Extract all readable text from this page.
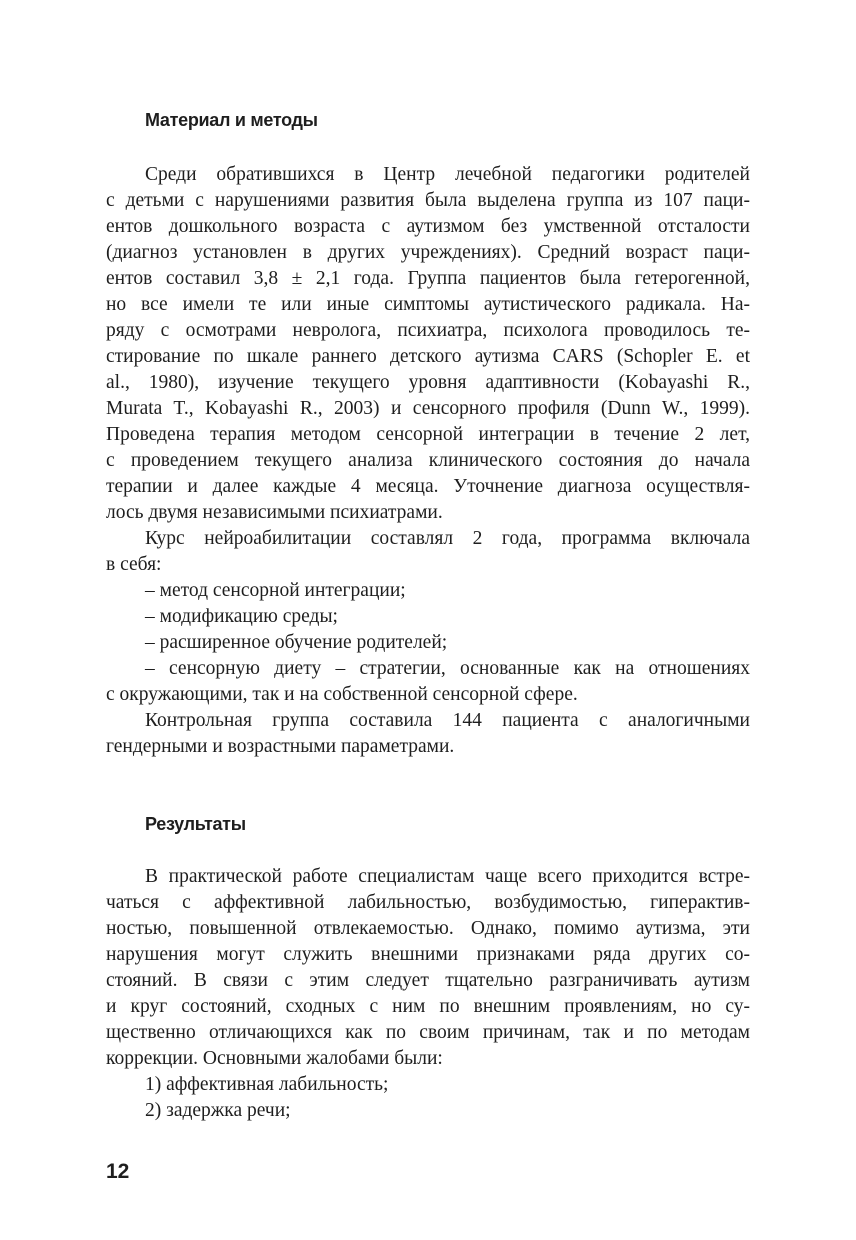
Материал и методы
Среди обратившихся в Центр лечебной педагогики родителей
с детьми с нарушениями развития была выделена группа из 107 паци-
ентов дошкольного возраста с аутизмом без умственной отсталости
(диагноз установлен в других учреждениях). Средний возраст паци-
ентов составил 3,8 ± 2,1 года. Группа пациентов была гетерогенной,
но все имели те или иные симптомы аутистического радикала. На-
ряду с осмотрами невролога, психиатра, психолога проводилось те-
стирование по шкале раннего детского аутизма CARS (Schopler E. et
al., 1980), изучение текущего уровня адаптивности (Kobayashi R.,
Murata T., Kobayashi R., 2003) и сенсорного профиля (Dunn W., 1999).
Проведена терапия методом сенсорной интеграции в течение 2 лет,
с проведением текущего анализа клинического состояния до начала
терапии и далее каждые 4 месяца. Уточнение диагноза осуществля-
лось двумя независимыми психиатрами.
Курс нейроабилитации составлял 2 года, программа включала
в себя:
– метод сенсорной интеграции;
– модификацию среды;
– расширенное обучение родителей;
– сенсорную диету – стратегии, основанные как на отношениях
с окружающими, так и на собственной сенсорной сфере.
Контрольная группа составила 144 пациента с аналогичными
гендерными и возрастными параметрами.
Результаты
В практической работе специалистам чаще всего приходится встре-
чаться с аффективной лабильностью, возбудимостью, гиперактив-
ностью, повышенной отвлекаемостью. Однако, помимо аутизма, эти
нарушения могут служить внешними признаками ряда других со-
стояний. В связи с этим следует тщательно разграничивать аутизм
и круг состояний, сходных с ним по внешним проявлениям, но су-
щественно отличающихся как по своим причинам, так и по методам
коррекции. Основными жалобами были:
1) аффективная лабильность;
2) задержка речи;
12
